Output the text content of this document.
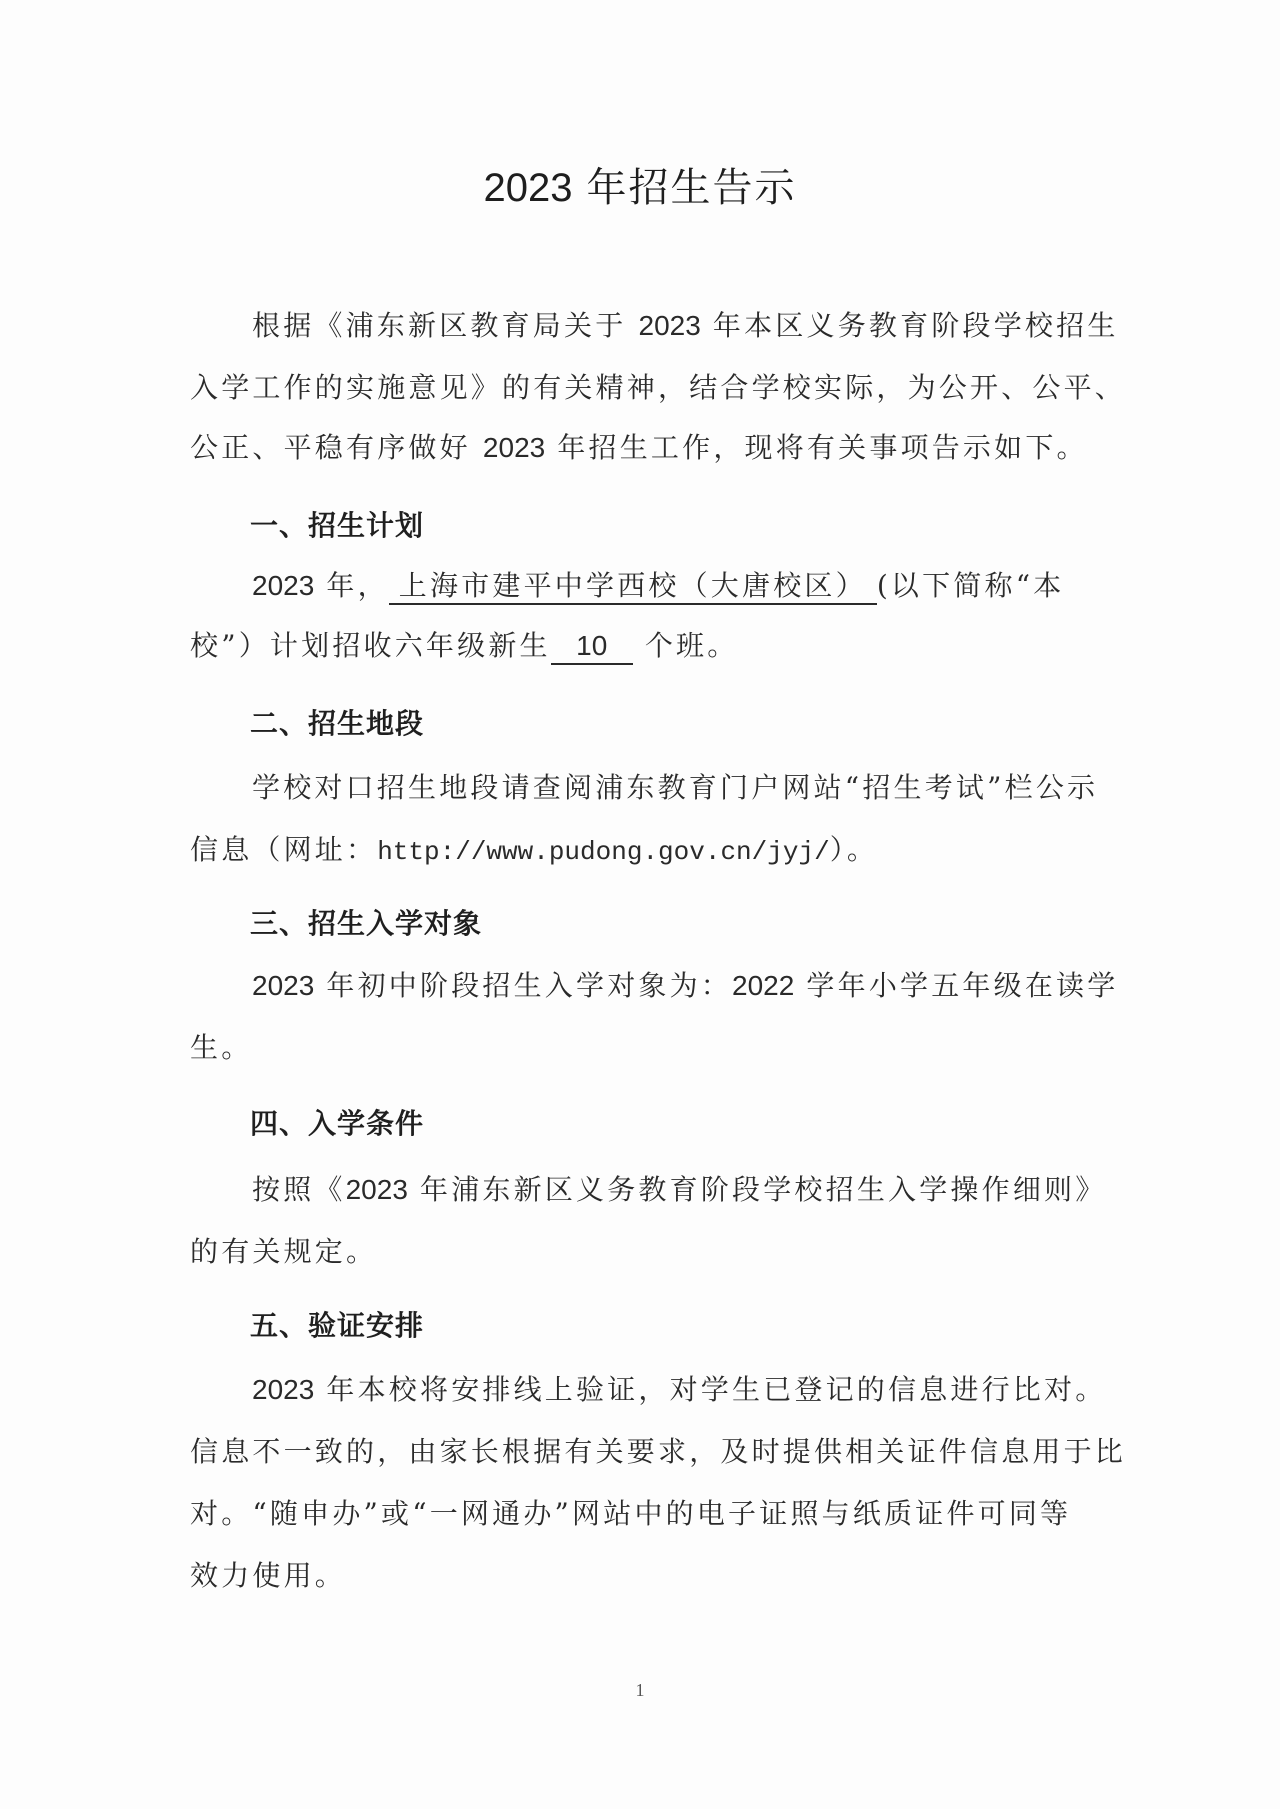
2023 年招生告示
根据《浦东新区教育局关于 2023 年本区义务教育阶段学校招生
入学工作的实施意见》的有关精神，结合学校实际，为公开、公平、
公正、平稳有序做好 2023 年招生工作，现将有关事项告示如下。
一、招生计划
2023 年， 上海市建平中学西校（大唐校区） (以下简称“本
校”）计划招收六年级新生 10 个班。
二、招生地段
学校对口招生地段请查阅浦东教育门户网站“招生考试”栏公示
信息（网址：http://www.pudong.gov.cn/jyj/）。
三、招生入学对象
2023 年初中阶段招生入学对象为：2022 学年小学五年级在读学
生。
四、入学条件
按照《2023 年浦东新区义务教育阶段学校招生入学操作细则》
的有关规定。
五、验证安排
2023 年本校将安排线上验证，对学生已登记的信息进行比对。
信息不一致的，由家长根据有关要求，及时提供相关证件信息用于比
对。“随申办”或“一网通办”网站中的电子证照与纸质证件可同等
效力使用。
1
